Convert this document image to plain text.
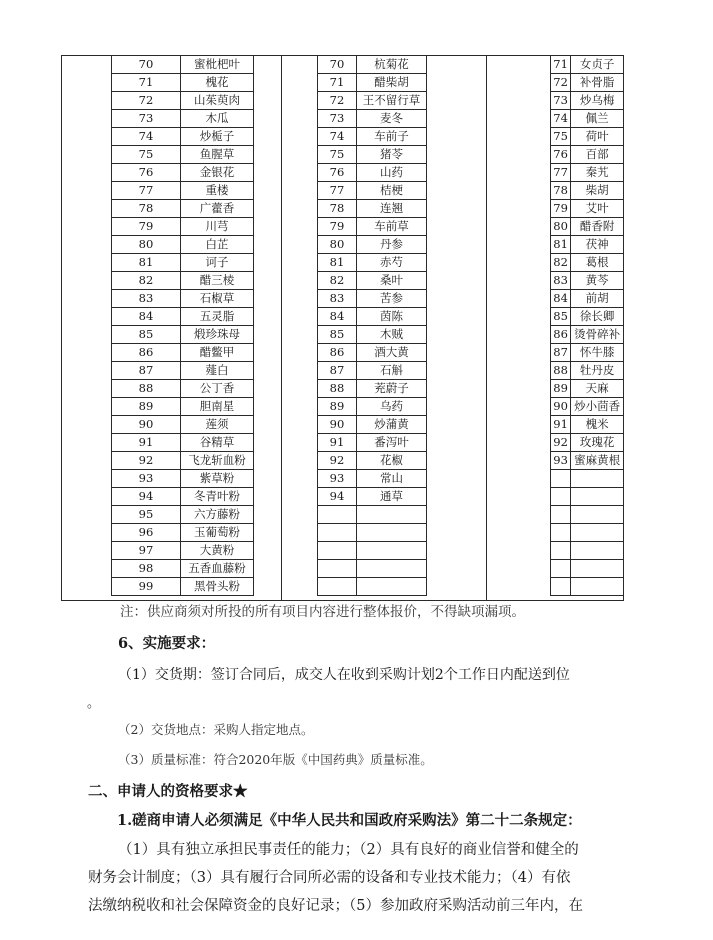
70	蜜枇杷叶
71	槐花
72	山茱萸肉
73	木瓜
74	炒栀子
75	鱼腥草
76	金银花
77	重楼
78	广藿香
79	川芎
80	白芷
81	诃子
82	醋三棱
83	石椒草
84	五灵脂
85	煅珍珠母
86	醋鳖甲
87	薤白
88	公丁香
89	胆南星
90	莲须
91	谷精草
92	飞龙斩血粉
93	紫草粉
94	冬青叶粉
95	六方藤粉
96	玉葡萄粉
97	大黄粉
98	五香血藤粉
99	黑骨头粉
70	杭菊花
71	醋柴胡
72	王不留行草
73	麦冬
74	车前子
75	猪苓
76	山药
77	桔梗
78	连翘
79	车前草
80	丹参
81	赤芍
82	桑叶
83	苦参
84	茵陈
85	木贼
86	酒大黄
87	石斛
88	茺蔚子
89	乌药
90	炒蒲黄
91	番泻叶
92	花椒
93	常山
94	通草

71	女贞子
72	补骨脂
73	炒乌梅
74	佩兰
75	荷叶
76	百部
77	秦艽
78	柴胡
79	艾叶
80	醋香附
81	茯神
82	葛根
83	黄芩
84	前胡
85	徐长卿
86	烫骨碎补
87	怀牛膝
88	牡丹皮
89	天麻
90	炒小茴香
91	槐米
92	玫瑰花
93	蜜麻黄根

注：供应商须对所投的所有项目内容进行整体报价，不得缺项漏项。
6、实施要求：
（1）交货期：签订合同后，成交人在收到采购计划2个工作日内配送到位
。
（2）交货地点：采购人指定地点。
（3）质量标准：符合2020年版《中国药典》质量标准。
二、申请人的资格要求★
1.磋商申请人必须满足《中华人民共和国政府采购法》第二十二条规定：
（1）具有独立承担民事责任的能力；（2）具有良好的商业信誉和健全的
财务会计制度；（3）具有履行合同所必需的设备和专业技术能力；（4）有依
法缴纳税收和社会保障资金的良好记录；（5）参加政府采购活动前三年内，在
